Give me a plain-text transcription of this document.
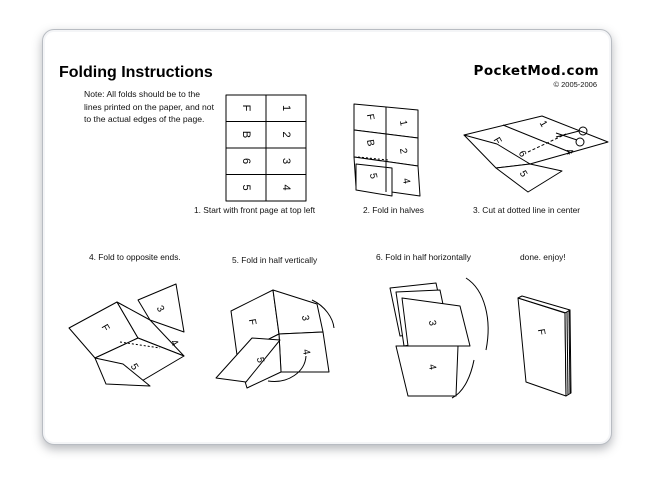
Folding Instructions
Note: All folds should be to the lines printed on the paper, and not to the actual edges of the page.
PocketMod.com
© 2005-2006
1. Start with front page at top left	2. Fold in halves	3. Cut at dotted line in center
4. Fold to opposite ends.	5. Fold in half vertically	6. Fold in half horizontally	done. enjoy!
F	1
B	2
6	3
5	4
F
1
B
2
5
4
F
1
6	4
5
F
3
4
5
F
3
4
5
3
4
F
